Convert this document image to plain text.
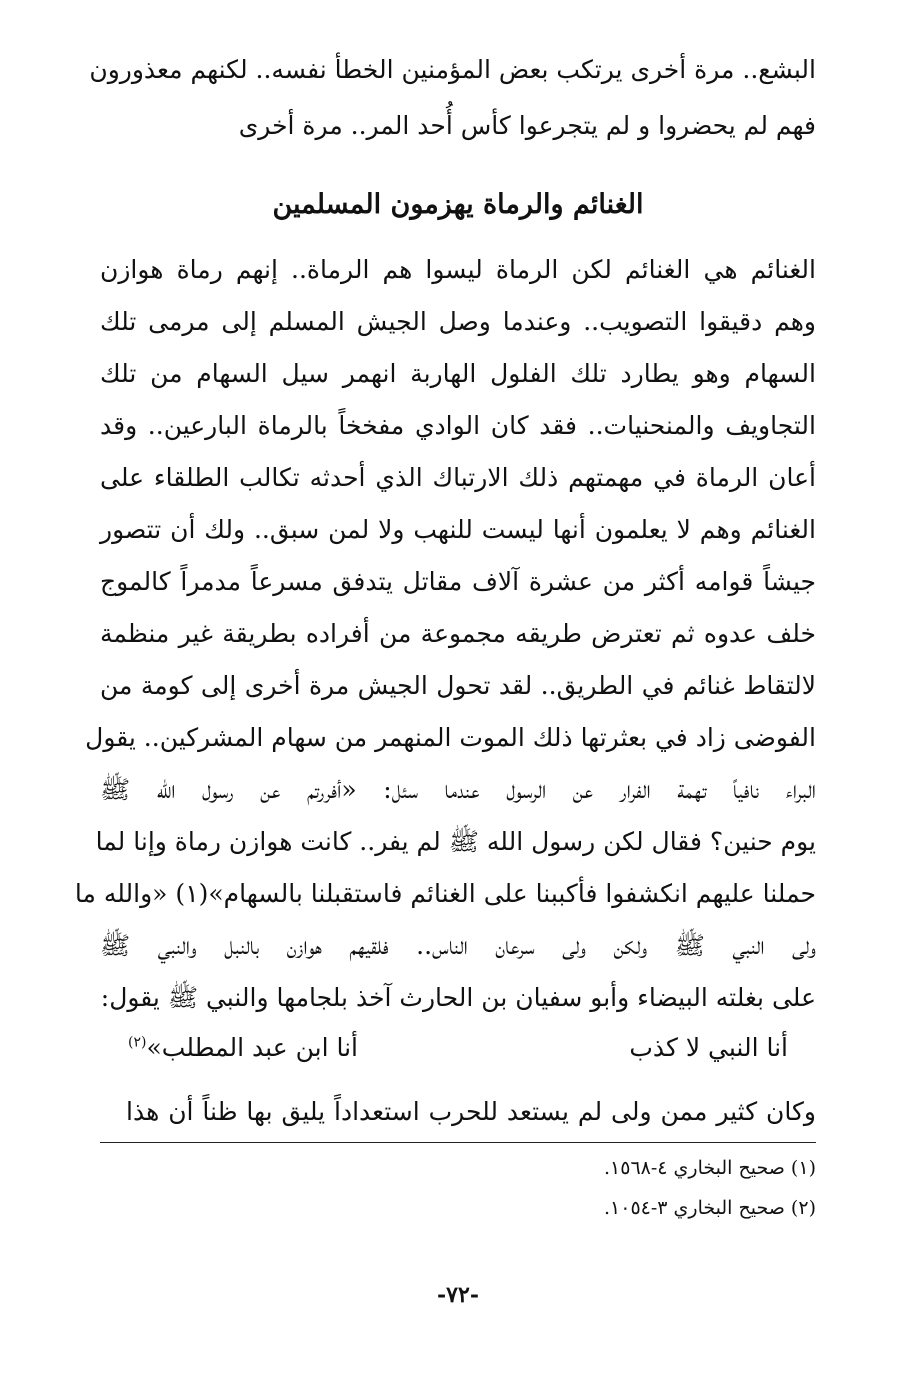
البشع.. مرة أخرى يرتكب بعض المؤمنين الخطأ نفسه.. لكنهم معذورون
فهم لم يحضروا و لم يتجرعوا كأس أُحد المر.. مرة أخرى
الغنائم والرماة يهزمون المسلمين
الغنائم هي الغنائم لكن الرماة ليسوا هم الرماة.. إنهم رماة هوازن
وهم دقيقوا التصويب.. وعندما وصل الجيش المسلم إلى مرمى تلك
السهام وهو يطارد تلك الفلول الهاربة انهمر سيل السهام من تلك
التجاويف والمنحنيات.. فقد كان الوادي مفخخاً بالرماة البارعين.. وقد
أعان الرماة في مهمتهم ذلك الارتباك الذي أحدثه تكالب الطلقاء على
الغنائم وهم لا يعلمون أنها ليست للنهب ولا لمن سبق.. ولك أن تتصور
جيشاً قوامه أكثر من عشرة آلاف مقاتل يتدفق مسرعاً مدمراً كالموج
خلف عدوه ثم تعترض طريقه مجموعة من أفراده بطريقة غير منظمة
لالتقاط غنائم في الطريق.. لقد تحول الجيش مرة أخرى إلى كومة من
الفوضى زاد في بعثرتها ذلك الموت المنهمر من سهام المشركين.. يقول
البراء نافياً تهمة الفرار عن الرسول عندما سئل: «أفررتم عن رسول الله ﷺ
يوم حنين؟ فقال لكن رسول الله ﷺ لم يفر.. كانت هوازن رماة وإنا لما
حملنا عليهم انكشفوا فأكببنا على الغنائم فاستقبلنا بالسهام»(١) «والله ما
ولى النبي ﷺ ولكن ولى سرعان الناس.. فلقيهم هوازن بالنبل والنبي ﷺ
على بغلته البيضاء وأبو سفيان بن الحارث آخذ بلجامها والنبي ﷺ يقول:
أنا النبي لا كذب
أنا ابن عبد المطلب»$^{(٢)}$
وكان كثير ممن ولى لم يستعد للحرب استعداداً يليق بها ظناً أن هذا
(١) صحيح البخاري ٤-١٥٦٨.
(٢) صحيح البخاري ٣-١٠٥٤.
-٧٢-
